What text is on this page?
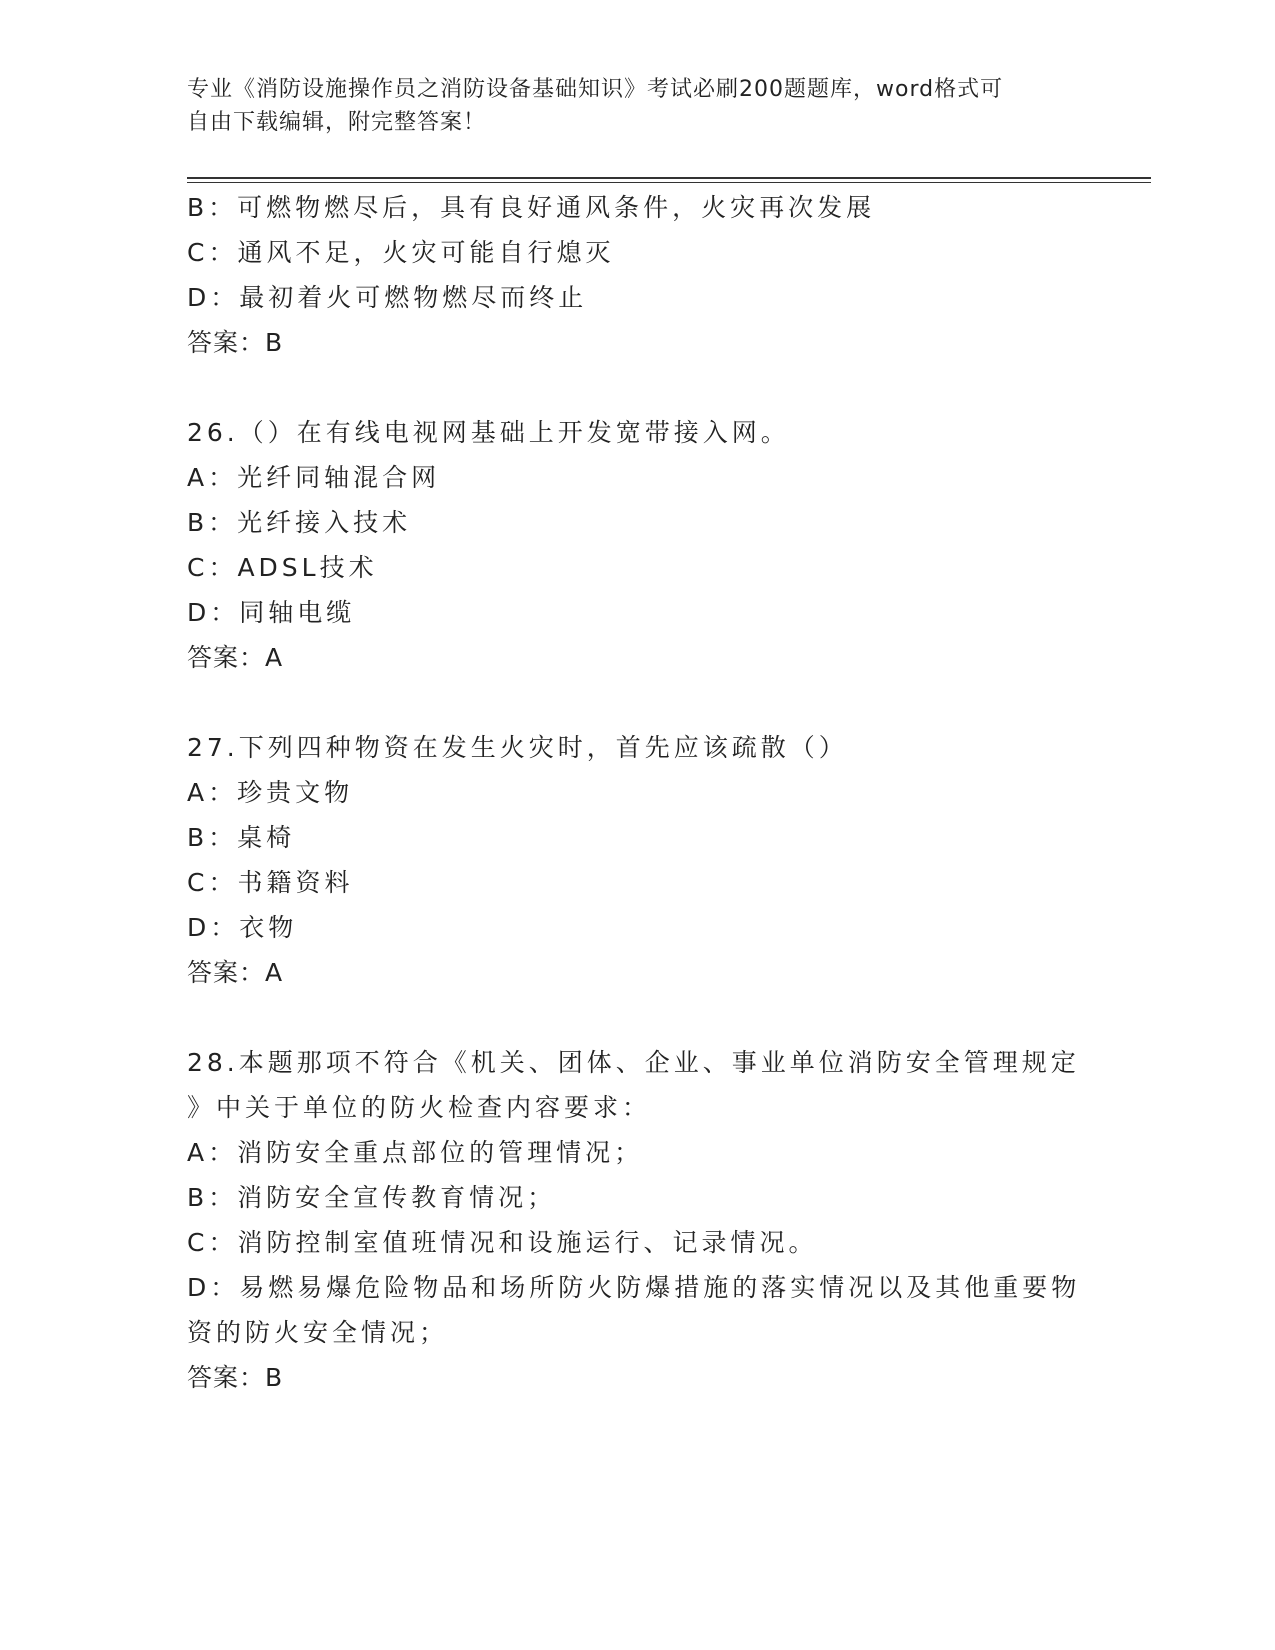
专业《消防设施操作员之消防设备基础知识》考试必刷200题题库，word格式可
自由下载编辑，附完整答案！
B：可燃物燃尽后，具有良好通风条件，火灾再次发展
C：通风不足，火灾可能自行熄灭
D：最初着火可燃物燃尽而终止
答案：B
26.（）在有线电视网基础上开发宽带接入网。
A：光纤同轴混合网
B：光纤接入技术
C：ADSL技术
D：同轴电缆
答案：A
27.下列四种物资在发生火灾时，首先应该疏散（）
A：珍贵文物
B：桌椅
C：书籍资料
D：衣物
答案：A
28.本题那项不符合《机关、团体、企业、事业单位消防安全管理规定
》中关于单位的防火检查内容要求：
A：消防安全重点部位的管理情况；
B：消防安全宣传教育情况；
C：消防控制室值班情况和设施运行、记录情况。
D：易燃易爆危险物品和场所防火防爆措施的落实情况以及其他重要物
资的防火安全情况；
答案：B
